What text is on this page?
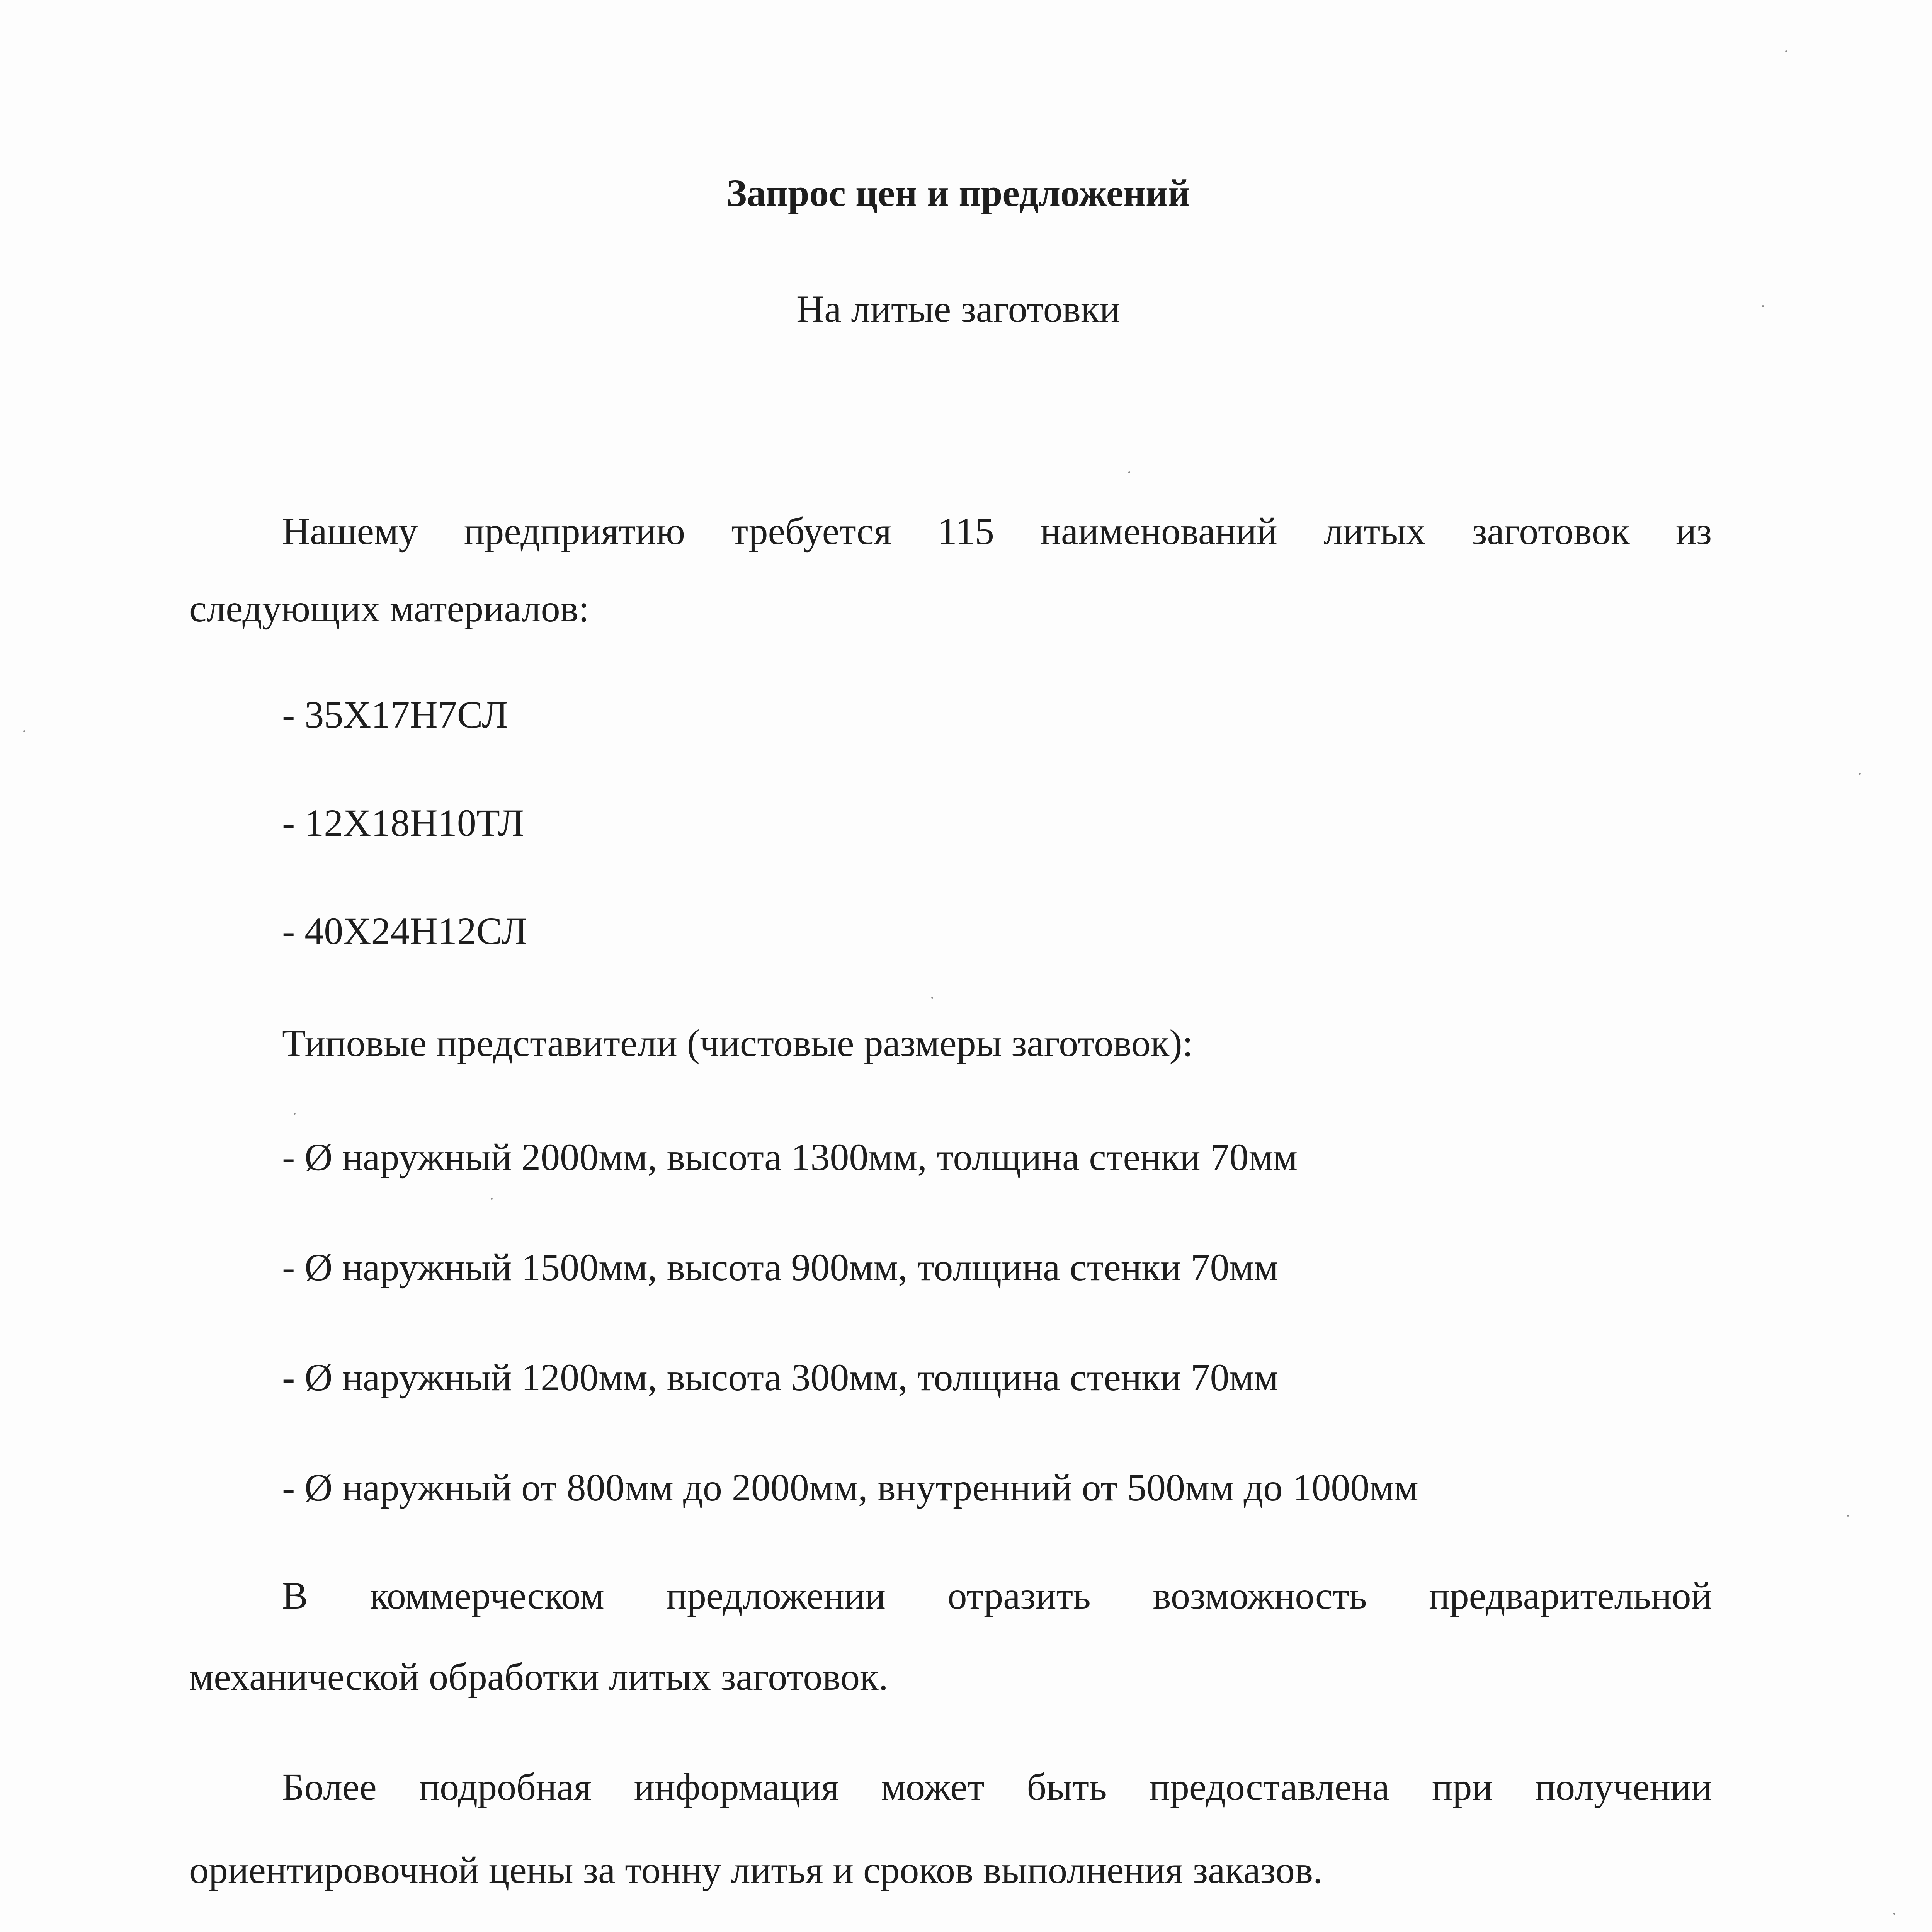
Запрос цен и предложений
На литые заготовки
Нашему предприятию требуется 115 наименований литых заготовок из
следующих материалов:
- 35Х17Н7СЛ
- 12Х18Н10ТЛ
- 40Х24Н12СЛ
Типовые представители (чистовые размеры заготовок):
- Ø наружный 2000мм, высота 1300мм, толщина стенки 70мм
- Ø наружный 1500мм, высота 900мм, толщина стенки 70мм
- Ø наружный 1200мм, высота 300мм, толщина стенки 70мм
- Ø наружный от 800мм до 2000мм, внутренний от 500мм до 1000мм
В коммерческом предложении отразить возможность предварительной
механической обработки литых заготовок.
Более подробная информация может быть предоставлена при получении
ориентировочной цены за тонну литья и сроков выполнения заказов.
